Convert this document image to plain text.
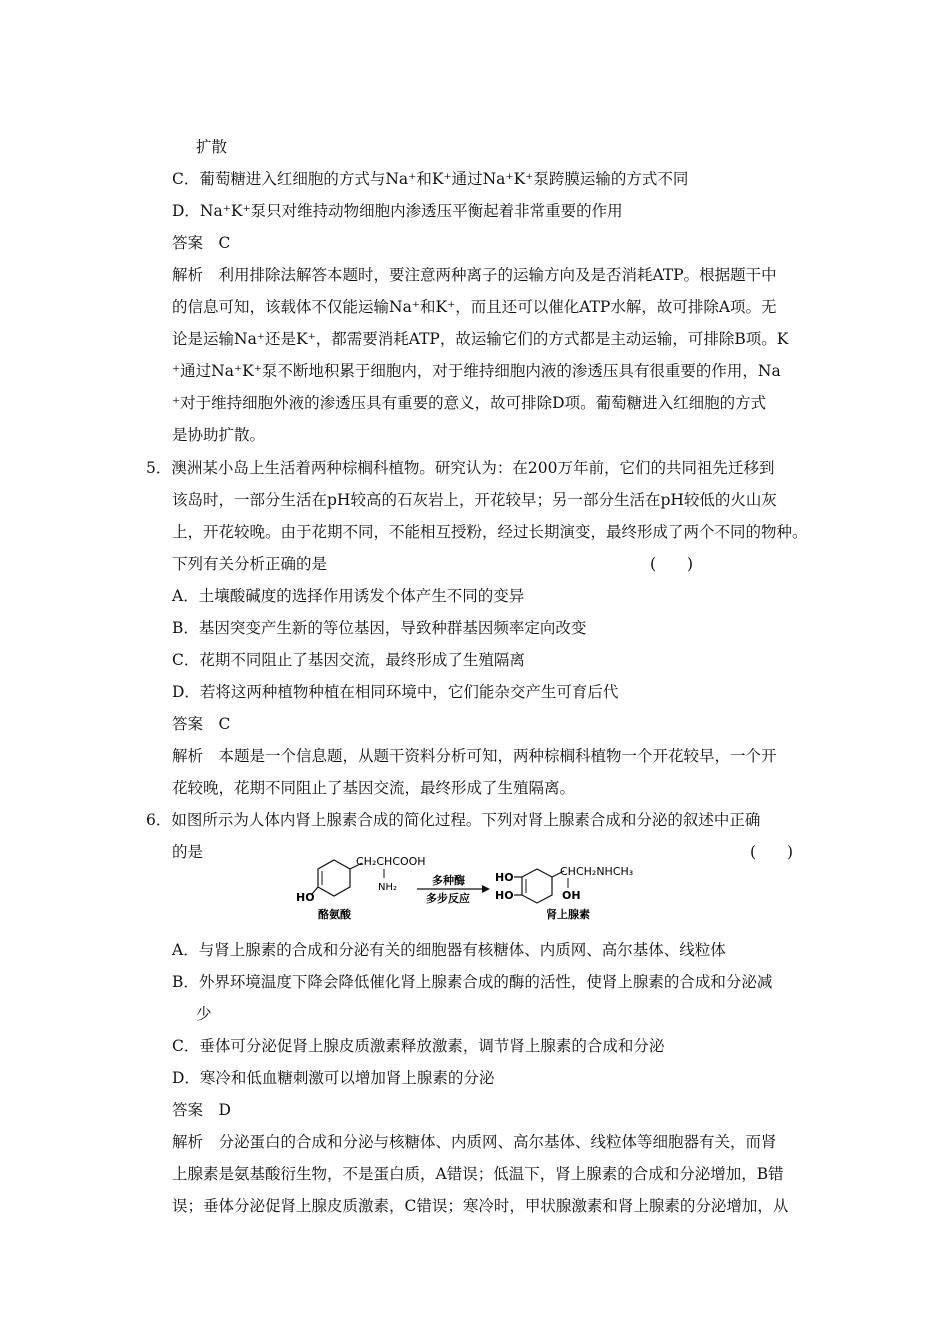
扩散
C．葡萄糖进入红细胞的方式与Na⁺和K⁺通过Na⁺K⁺泵跨膜运输的方式不同
D．Na⁺K⁺泵只对维持动物细胞内渗透压平衡起着非常重要的作用
答案　C
解析　利用排除法解答本题时，要注意两种离子的运输方向及是否消耗ATP。根据题干中
的信息可知，该载体不仅能运输Na⁺和K⁺，而且还可以催化ATP水解，故可排除A项。无
论是运输Na⁺还是K⁺，都需要消耗ATP，故运输它们的方式都是主动运输，可排除B项。K
⁺通过Na⁺K⁺泵不断地积累于细胞内，对于维持细胞内液的渗透压具有很重要的作用，Na
⁺对于维持细胞外液的渗透压具有重要的意义，故可排除D项。葡萄糖进入红细胞的方式
是协助扩散。
5．澳洲某小岛上生活着两种棕榈科植物。研究认为：在200万年前，它们的共同祖先迁移到
该岛时，一部分生活在pH较高的石灰岩上，开花较早；另一部分生活在pH较低的火山灰
上，开花较晚。由于花期不同，不能相互授粉，经过长期演变，最终形成了两个不同的物种。
下列有关分析正确的是	(　　)
A．土壤酸碱度的选择作用诱发个体产生不同的变异
B．基因突变产生新的等位基因，导致种群基因频率定向改变
C．花期不同阻止了基因交流，最终形成了生殖隔离
D．若将这两种植物种植在相同环境中，它们能杂交产生可育后代
答案　C
解析　本题是一个信息题，从题干资料分析可知，两种棕榈科植物一个开花较早，一个开
花较晚，花期不同阻止了基因交流，最终形成了生殖隔离。
6．如图所示为人体内肾上腺素合成的简化过程。下列对肾上腺素合成和分泌的叙述中正确
的是	(　　)
CH₂CHCOOH
NH₂
HO
酪氨酸
多种酶
多步反应
HO
HO
CHCH₂NHCH₃
OH
肾上腺素
A．与肾上腺素的合成和分泌有关的细胞器有核糖体、内质网、高尔基体、线粒体
B．外界环境温度下降会降低催化肾上腺素合成的酶的活性，使肾上腺素的合成和分泌减
少
C．垂体可分泌促肾上腺皮质激素释放激素，调节肾上腺素的合成和分泌
D．寒冷和低血糖刺激可以增加肾上腺素的分泌
答案　D
解析　分泌蛋白的合成和分泌与核糖体、内质网、高尔基体、线粒体等细胞器有关，而肾
上腺素是氨基酸衍生物，不是蛋白质，A错误；低温下，肾上腺素的合成和分泌增加，B错
误；垂体分泌促肾上腺皮质激素，C错误；寒冷时，甲状腺激素和肾上腺素的分泌增加，从
